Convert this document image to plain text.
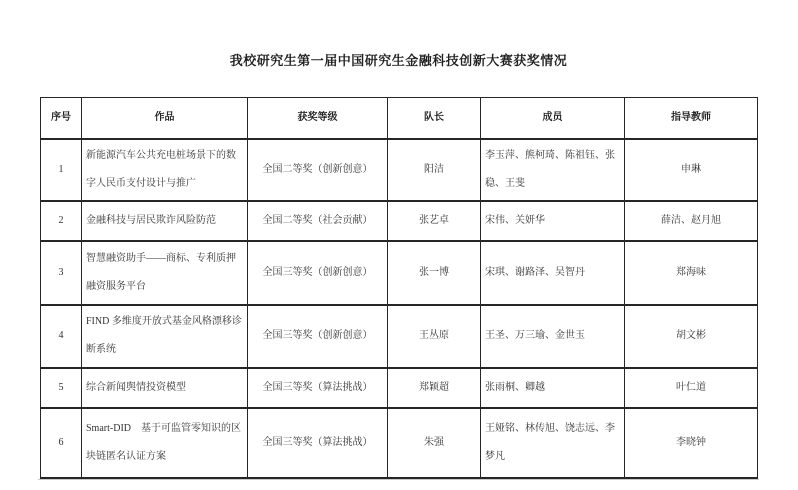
我校研究生第一届中国研究生金融科技创新大赛获奖情况
序号	作品	获奖等级	队长	成员	指导教师
1	新能源汽车公共充电桩场景下的数字人民币支付设计与推广	全国二等奖（创新创意）	阳洁	李玉萍、熊柯琦、陈祖钰、张稳、王斐	申琳
2	金融科技与居民欺诈风险防范	全国二等奖（社会贡献）	张艺卓	宋伟、关妍华	薛洁、赵月旭
3	智慧融资助手——商标、专利质押融资服务平台	全国三等奖（创新创意）	张一博	宋琪、谢路泽、吴智丹	郑海味
4	FIND 多维度开放式基金风格漂移诊断系统	全国三等奖（创新创意）	王丛原	王圣、万三瑜、金世玉	胡文彬
5	综合新闻舆情投资模型	全国三等奖（算法挑战）	郑颖超	张雨桐、卿越	叶仁道
6	Smart-DID　基于可监管零知识的区块链匿名认证方案	全国三等奖（算法挑战）	朱强	王娅铭、林传旭、饶志远、李梦凡	李晓钟
